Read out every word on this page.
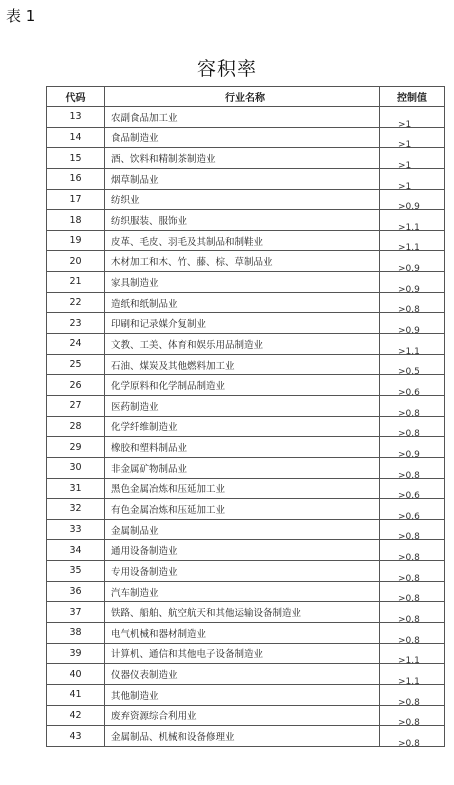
表 1
容积率
代码	行业名称	控制值
13	农副食品加工业	>1

14	食品制造业	>1

15	酒、饮料和精制茶制造业	>1

16	烟草制品业	>1

17	纺织业	>0.9

18	纺织服装、服饰业	>1.1

19	皮革、毛皮、羽毛及其制品和制鞋业	>1.1

20	木材加工和木、竹、藤、棕、草制品业	>0.9

21	家具制造业	>0.9

22	造纸和纸制品业	>0.8

23	印刷和记录媒介复制业	>0.9

24	文教、工美、体育和娱乐用品制造业	>1.1

25	石油、煤炭及其他燃料加工业	>0.5

26	化学原料和化学制品制造业	>0.6

27	医药制造业	>0.8

28	化学纤维制造业	>0.8

29	橡胶和塑料制品业	>0.9

30	非金属矿物制品业	>0.8

31	黑色金属冶炼和压延加工业	>0.6

32	有色金属冶炼和压延加工业	>0.6

33	金属制品业	>0.8

34	通用设备制造业	>0.8

35	专用设备制造业	>0.8

36	汽车制造业	>0.8

37	铁路、船舶、航空航天和其他运输设备制造业	>0.8

38	电气机械和器材制造业	>0.8

39	计算机、通信和其他电子设备制造业	>1.1

40	仪器仪表制造业	>1.1

41	其他制造业	>0.8

42	废弃资源综合利用业	>0.8

43	金属制品、机械和设备修理业	>0.8
